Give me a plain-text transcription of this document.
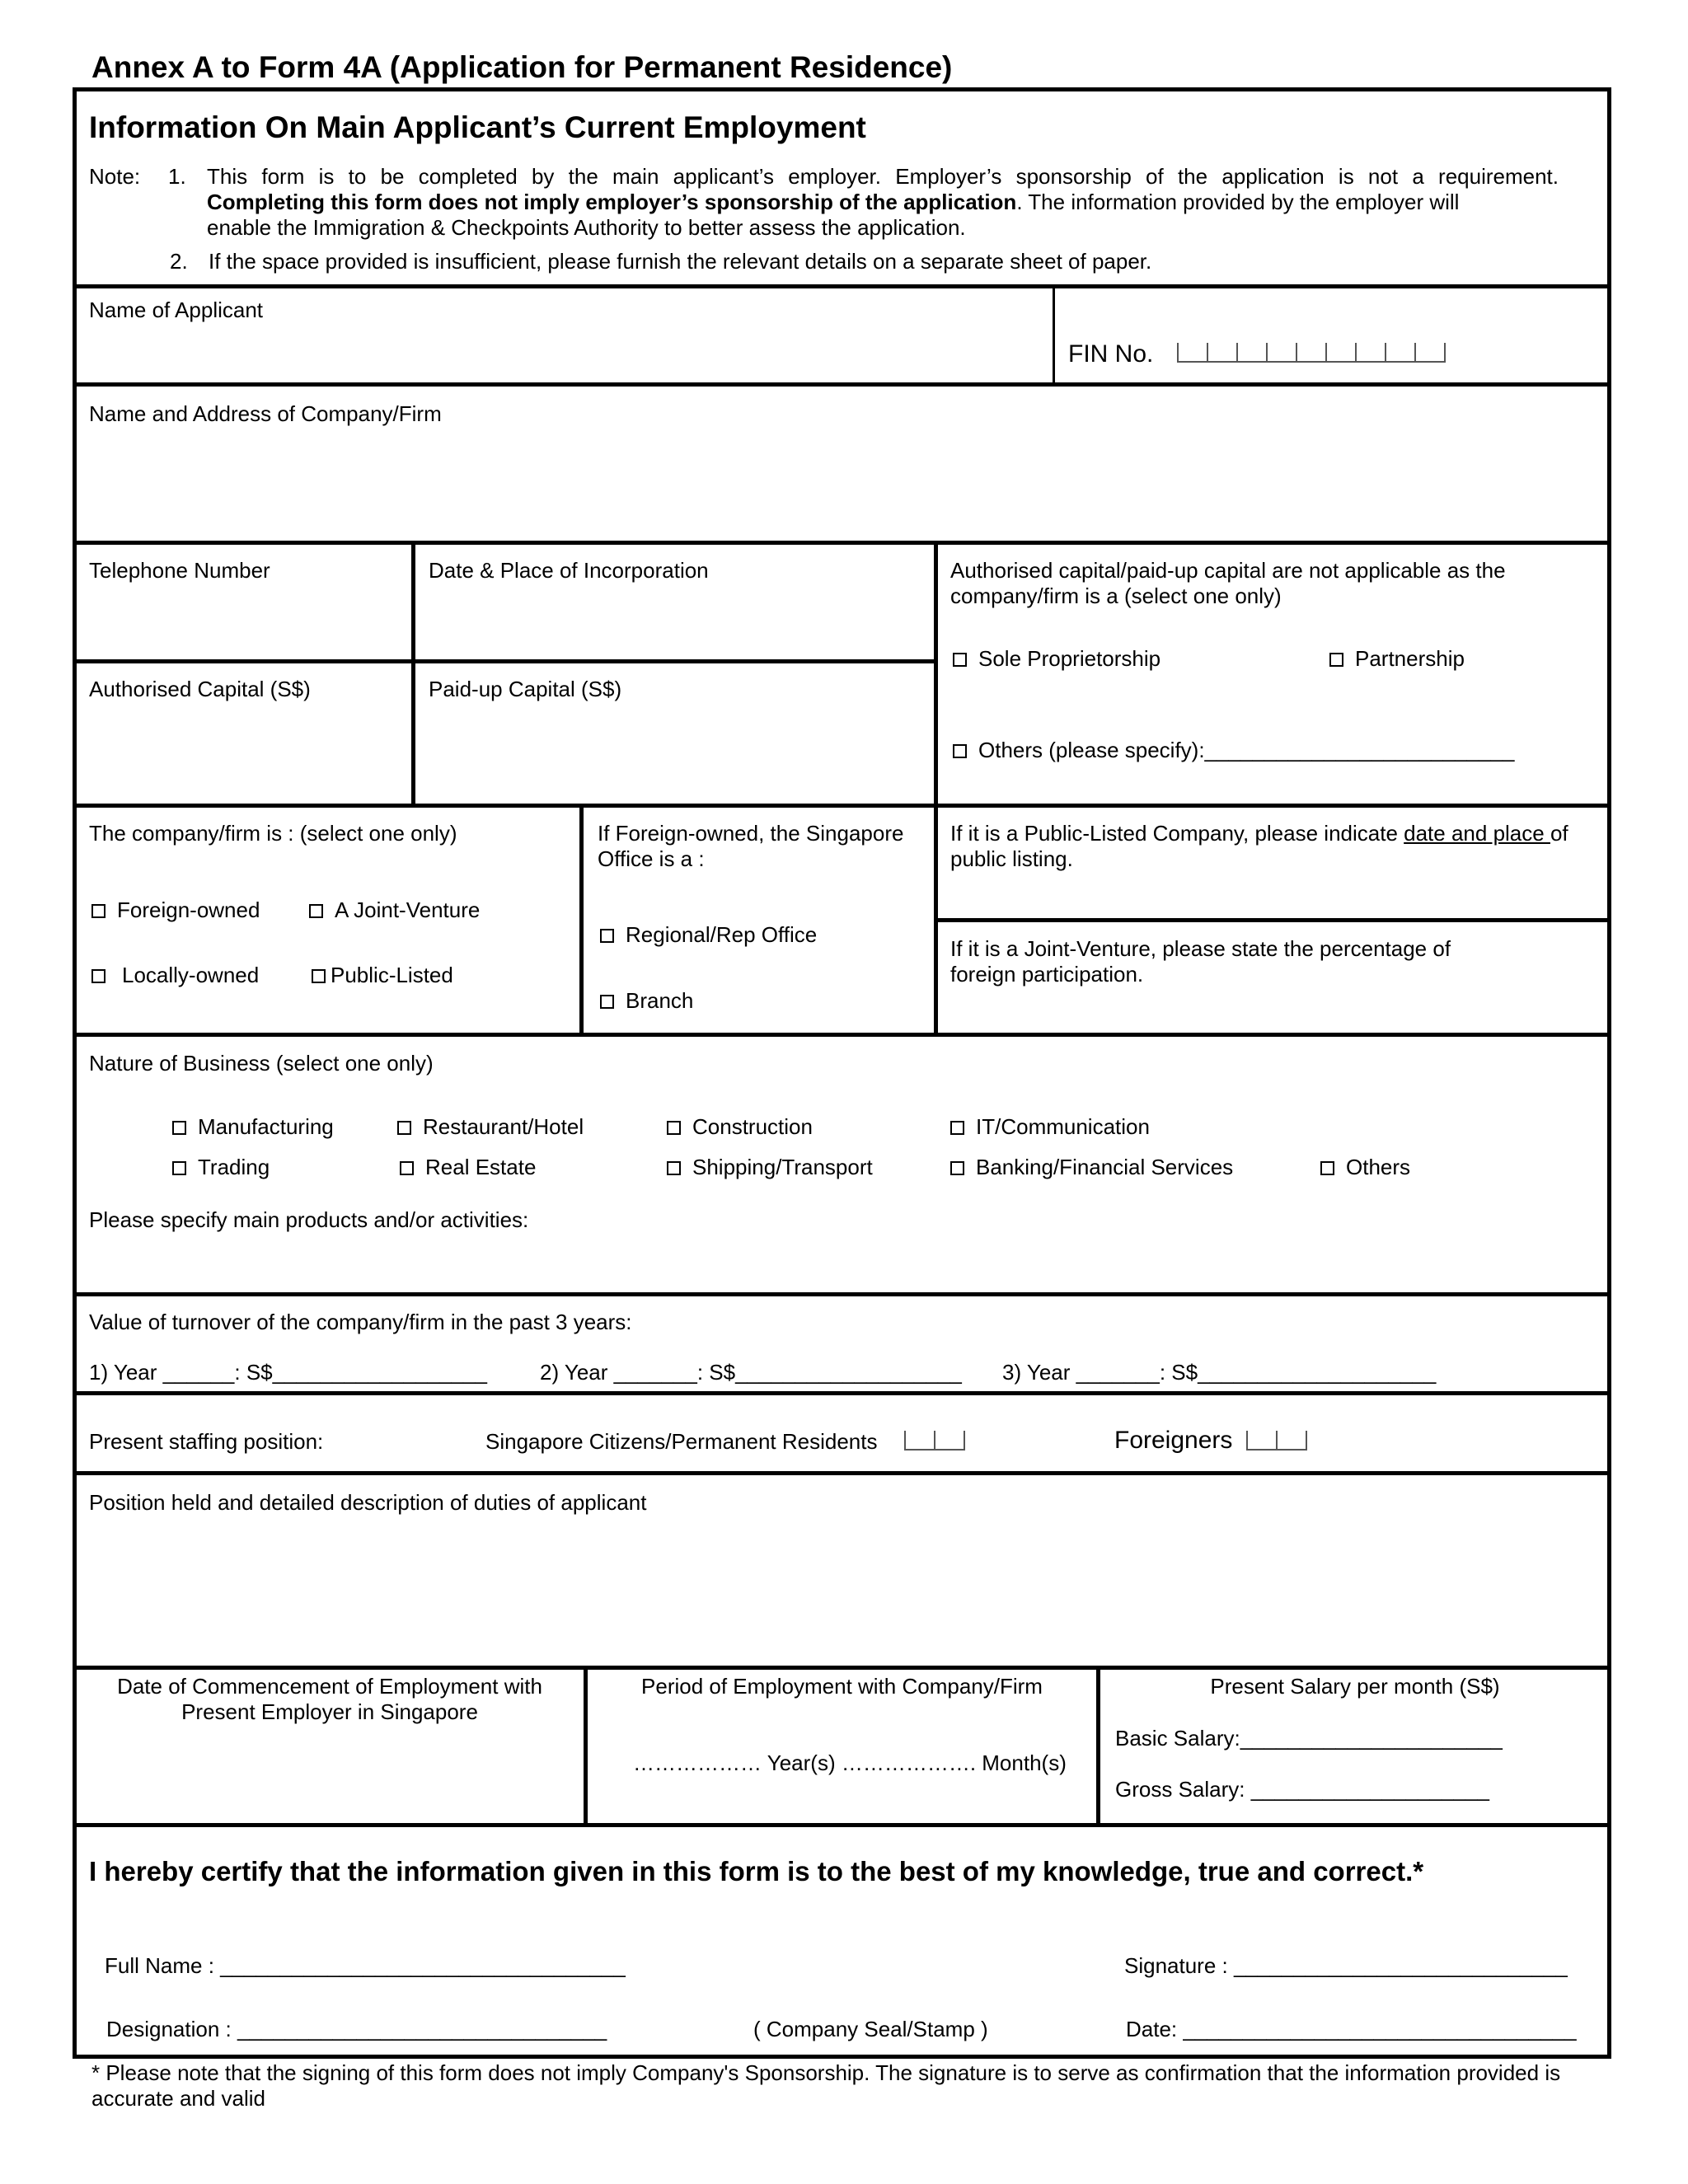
Annex A to Form 4A (Application for Permanent Residence)
Information On Main Applicant’s Current Employment
Note: 1. This form is to be completed by the main applicant’s employer. Employer’s sponsorship of the application is not a requirement.
Completing this form does not imply employer’s sponsorship of the application. The information provided by the employer will
enable the Immigration & Checkpoints Authority to better assess the application.
2. If the space provided is insufficient, please furnish the relevant details on a separate sheet of paper.
Name of Applicant
FIN No.
Name and Address of Company/Firm
Telephone Number	Date & Place of Incorporation
Authorised Capital (S$)	Paid-up Capital (S$)
Authorised capital/paid-up capital are not applicable as the
company/firm is a (select one only)
Sole Proprietorship	Partnership
Others (please specify):__________________________
The company/firm is : (select one only)
Foreign-owned	A Joint-Venture
Locally-owned	Public-Listed
If Foreign-owned, the Singapore
Office is a :
Regional/Rep Office
Branch
If it is a Public-Listed Company, please indicate date and place of
public listing.
If it is a Joint-Venture, please state the percentage of
foreign participation.
Nature of Business (select one only)
Manufacturing	Restaurant/Hotel	Construction	IT/Communication
Trading	Real Estate	Shipping/Transport	Banking/Financial Services	Others
Please specify main products and/or activities:
Value of turnover of the company/firm in the past 3 years:
1) Year ______: S$__________________ 2) Year _______: S$___________________ 3) Year _______: S$____________________
Present staffing position:	Singapore Citizens/Permanent Residents	Foreigners
Position held and detailed description of duties of applicant
Date of Commencement of Employment with
Present Employer in Singapore
Period of Employment with Company/Firm
……………… Year(s) ………………. Month(s)
Present Salary per month (S$)
Basic Salary:______________________
Gross Salary: ____________________
I hereby certify that the information given in this form is to the best of my knowledge, true and correct.*
Full Name : __________________________________	Signature : ____________________________
Designation : _______________________________	( Company Seal/Stamp )	Date: _________________________________
* Please note that the signing of this form does not imply Company's Sponsorship. The signature is to serve as confirmation that the information provided is
accurate and valid
